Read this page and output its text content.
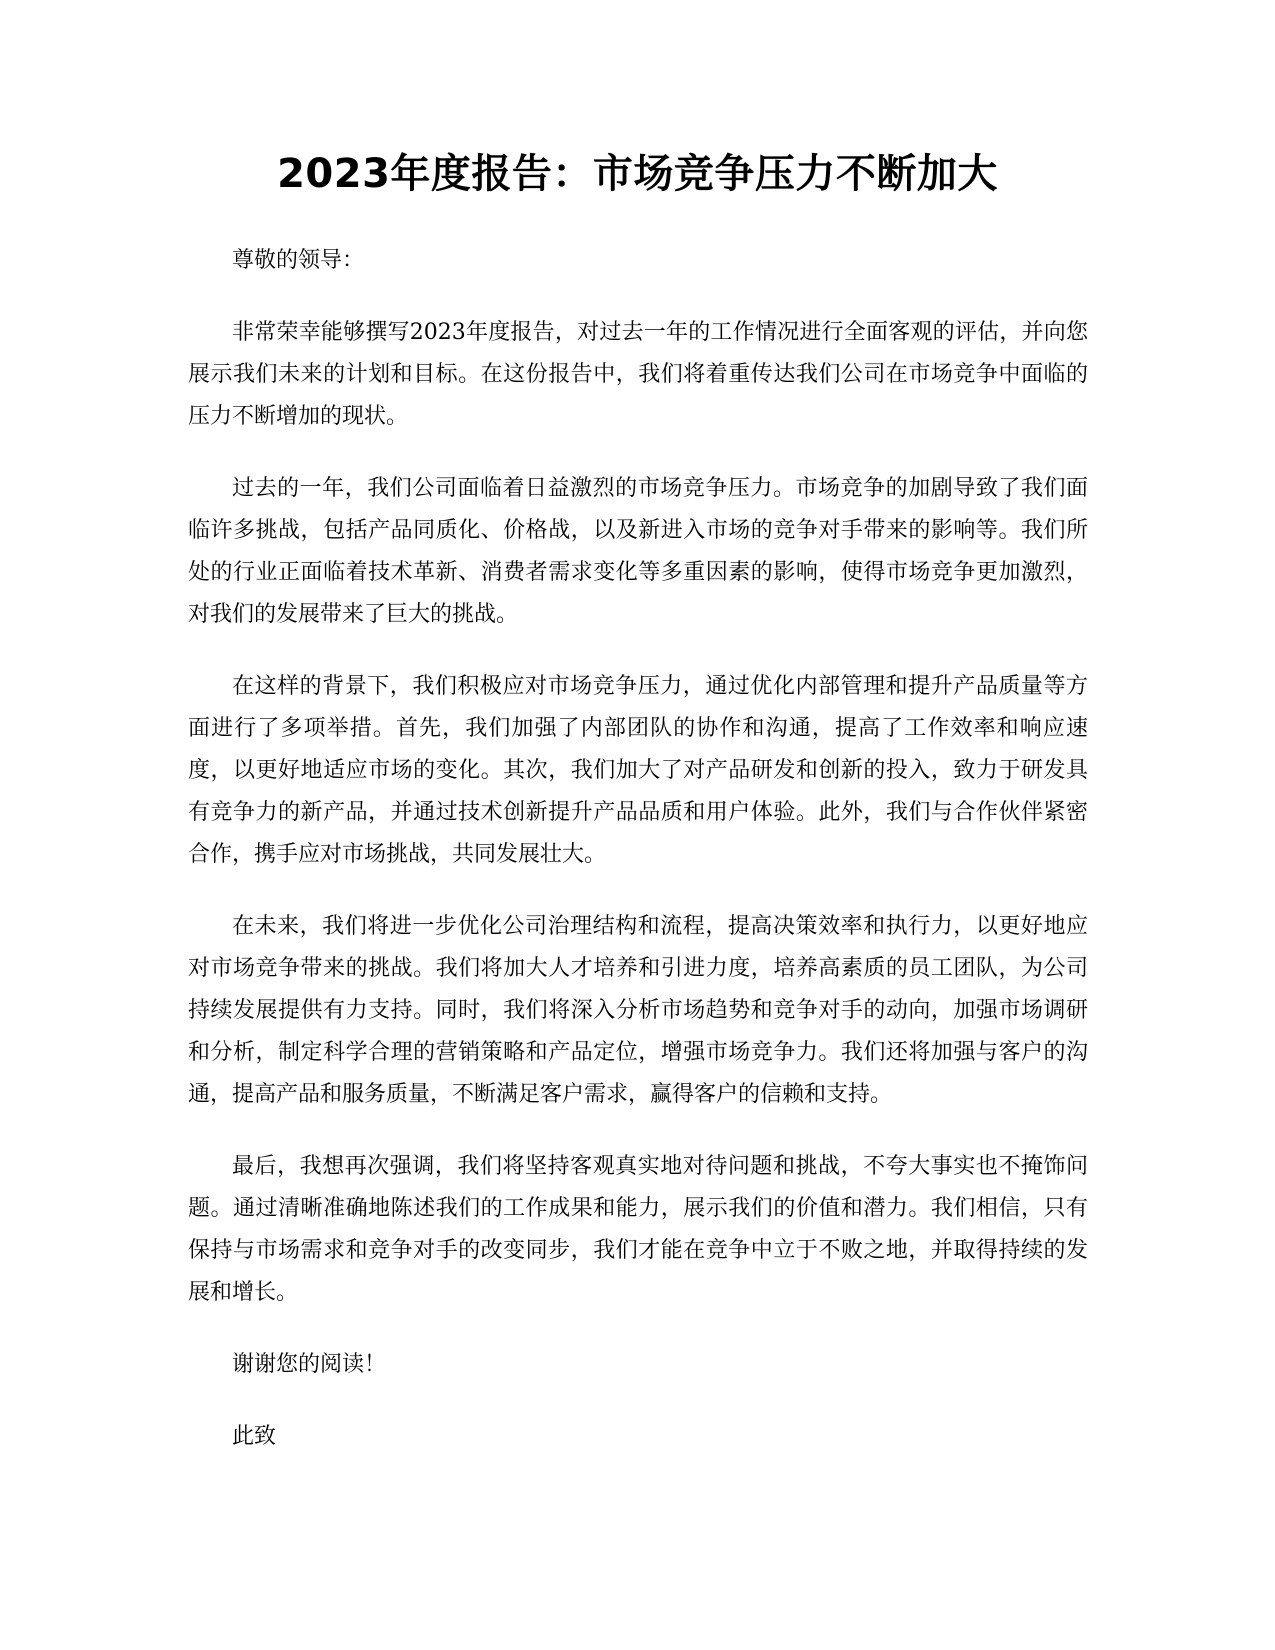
2023年度报告：市场竞争压力不断加大

尊敬的领导：

非常荣幸能够撰写2023年度报告，对过去一年的工作情况进行全面客观的评估，并向您展示我们未来的计划和目标。在这份报告中，我们将着重传达我们公司在市场竞争中面临的压力不断增加的现状。

过去的一年，我们公司面临着日益激烈的市场竞争压力。市场竞争的加剧导致了我们面临许多挑战，包括产品同质化、价格战，以及新进入市场的竞争对手带来的影响等。我们所处的行业正面临着技术革新、消费者需求变化等多重因素的影响，使得市场竞争更加激烈，对我们的发展带来了巨大的挑战。

在这样的背景下，我们积极应对市场竞争压力，通过优化内部管理和提升产品质量等方面进行了多项举措。首先，我们加强了内部团队的协作和沟通，提高了工作效率和响应速度，以更好地适应市场的变化。其次，我们加大了对产品研发和创新的投入，致力于研发具有竞争力的新产品，并通过技术创新提升产品品质和用户体验。此外，我们与合作伙伴紧密合作，携手应对市场挑战，共同发展壮大。

在未来，我们将进一步优化公司治理结构和流程，提高决策效率和执行力，以更好地应对市场竞争带来的挑战。我们将加大人才培养和引进力度，培养高素质的员工团队，为公司持续发展提供有力支持。同时，我们将深入分析市场趋势和竞争对手的动向，加强市场调研和分析，制定科学合理的营销策略和产品定位，增强市场竞争力。我们还将加强与客户的沟通，提高产品和服务质量，不断满足客户需求，赢得客户的信赖和支持。

最后，我想再次强调，我们将坚持客观真实地对待问题和挑战，不夸大事实也不掩饰问题。通过清晰准确地陈述我们的工作成果和能力，展示我们的价值和潜力。我们相信，只有保持与市场需求和竞争对手的改变同步，我们才能在竞争中立于不败之地，并取得持续的发展和增长。

谢谢您的阅读！

此致
